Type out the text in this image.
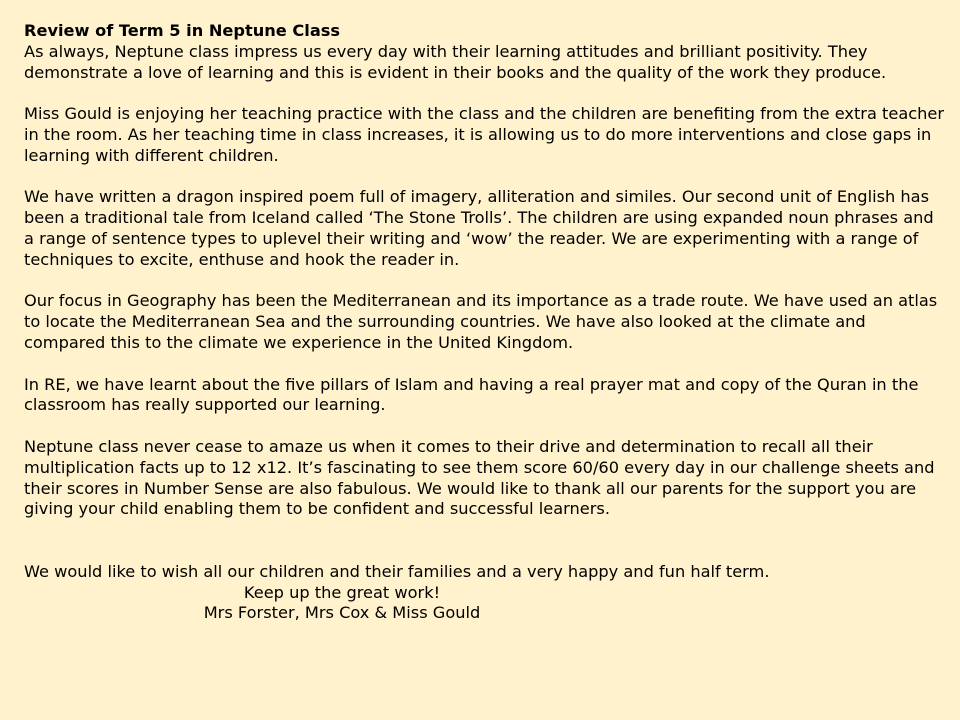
Review of Term 5 in Neptune Class

As always, Neptune class impress us every day with their learning attitudes and brilliant positivity. They demonstrate a love of learning and this is evident in their books and the quality of the work they produce.

Miss Gould is enjoying her teaching practice with the class and the children are benefiting from the extra teacher in the room. As her teaching time in class increases, it is allowing us to do more interventions and close gaps in learning with different children.

We have written a dragon inspired poem full of imagery, alliteration and similes. Our second unit of English has been a traditional tale from Iceland called ‘The Stone Trolls’. The children are using expanded noun phrases and a range of sentence types to uplevel their writing and ‘wow’ the reader. We are experimenting with a range of techniques to excite, enthuse and hook the reader in.

Our focus in Geography has been the Mediterranean and its importance as a trade route. We have used an atlas to locate the Mediterranean Sea and the surrounding countries. We have also looked at the climate and compared this to the climate we experience in the United Kingdom.

In RE, we have learnt about the five pillars of Islam and having a real prayer mat and copy of the Quran in the classroom has really supported our learning.

Neptune class never cease to amaze us when it comes to their drive and determination to recall all their multiplication facts up to 12 x12. It’s fascinating to see them score 60/60 every day in our challenge sheets and their scores in Number Sense are also fabulous. We would like to thank all our parents for the support you are giving your child enabling them to be confident and successful learners.

We would like to wish all our children and their families and a very happy and fun half term.

Keep up the great work!

Mrs Forster, Mrs Cox & Miss Gould
